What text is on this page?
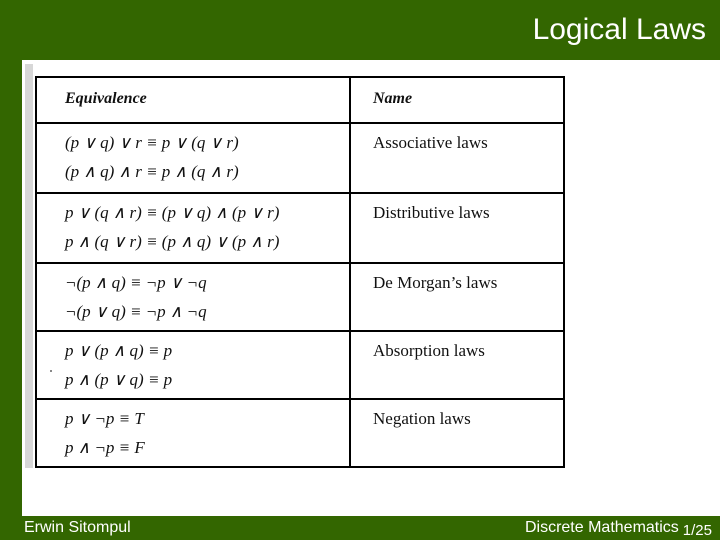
Logical Laws
Equivalence	Name
(p ∨ q) ∨ r ≡ p ∨ (q ∨ r)
(p ∧ q) ∧ r ≡ p ∧ (q ∧ r)
Associative laws
p ∨ (q ∧ r) ≡ (p ∨ q) ∧ (p ∨ r)
p ∧ (q ∨ r) ≡ (p ∧ q) ∨ (p ∧ r)
Distributive laws
¬(p ∧ q) ≡ ¬p ∨ ¬q
¬(p ∨ q) ≡ ¬p ∧ ¬q
De Morgan’s laws
p ∨ (p ∧ q) ≡ p
p ∧ (p ∨ q) ≡ p
Absorption laws
p ∨ ¬p ≡ T
p ∧ ¬p ≡ F
Negation laws
Erwin Sitompul	Discrete Mathematics 1/25
